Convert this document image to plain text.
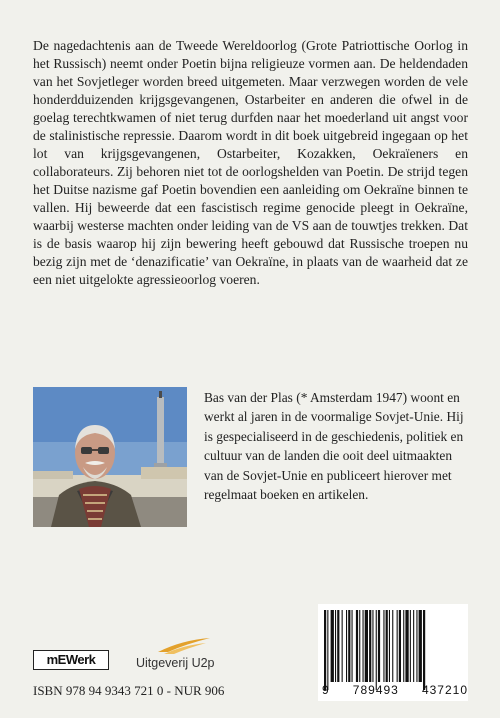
De nagedachtenis aan de Tweede Wereldoorlog (Grote Patriottische Oorlog in het Russisch) neemt onder Poetin bijna religieuze vormen aan. De heldendaden van het Sovjetleger worden breed uitgemeten. Maar verzwegen worden de vele honderdduizenden krijgsgevangenen, Ostarbeiter en anderen die ofwel in de goelag terechtkwamen of niet terug durfden naar het moederland uit angst voor de stalinistische repressie. Daarom wordt in dit boek uitgebreid ingegaan op het lot van krijgsgevangenen, Ostarbeiter, Kozakken, Oekraïeners en collaborateurs. Zij behoren niet tot de oorlogshelden van Poetin. De strijd tegen het Duitse nazisme gaf Poetin bovendien een aanleiding om Oekraïne binnen te vallen. Hij beweerde dat een fascistisch regime genocide pleegt in Oekraïne, waarbij westerse machten onder leiding van de VS aan de touwtjes trekken. Dat is de basis waarop hij zijn bewering heeft gebouwd dat Russische troepen nu bezig zijn met de ‘denazificatie’ van Oekraïne, in plaats van de waarheid dat ze een niet uitgelokte agressieoorlog voeren.

Bas van der Plas (* Amsterdam 1947) woont en werkt al jaren in de voormalige Sovjet-Unie. Hij is gespecialiseerd in de geschiedenis, politiek en cultuur van de landen die ooit deel uitmaakten van de Sovjet-Unie en publiceert hierover met regelmaat boeken en artikelen.

mEWerk	Uitgeverij U2p
ISBN 978 94 9343 721 0 - NUR 906	9 789493 437210
